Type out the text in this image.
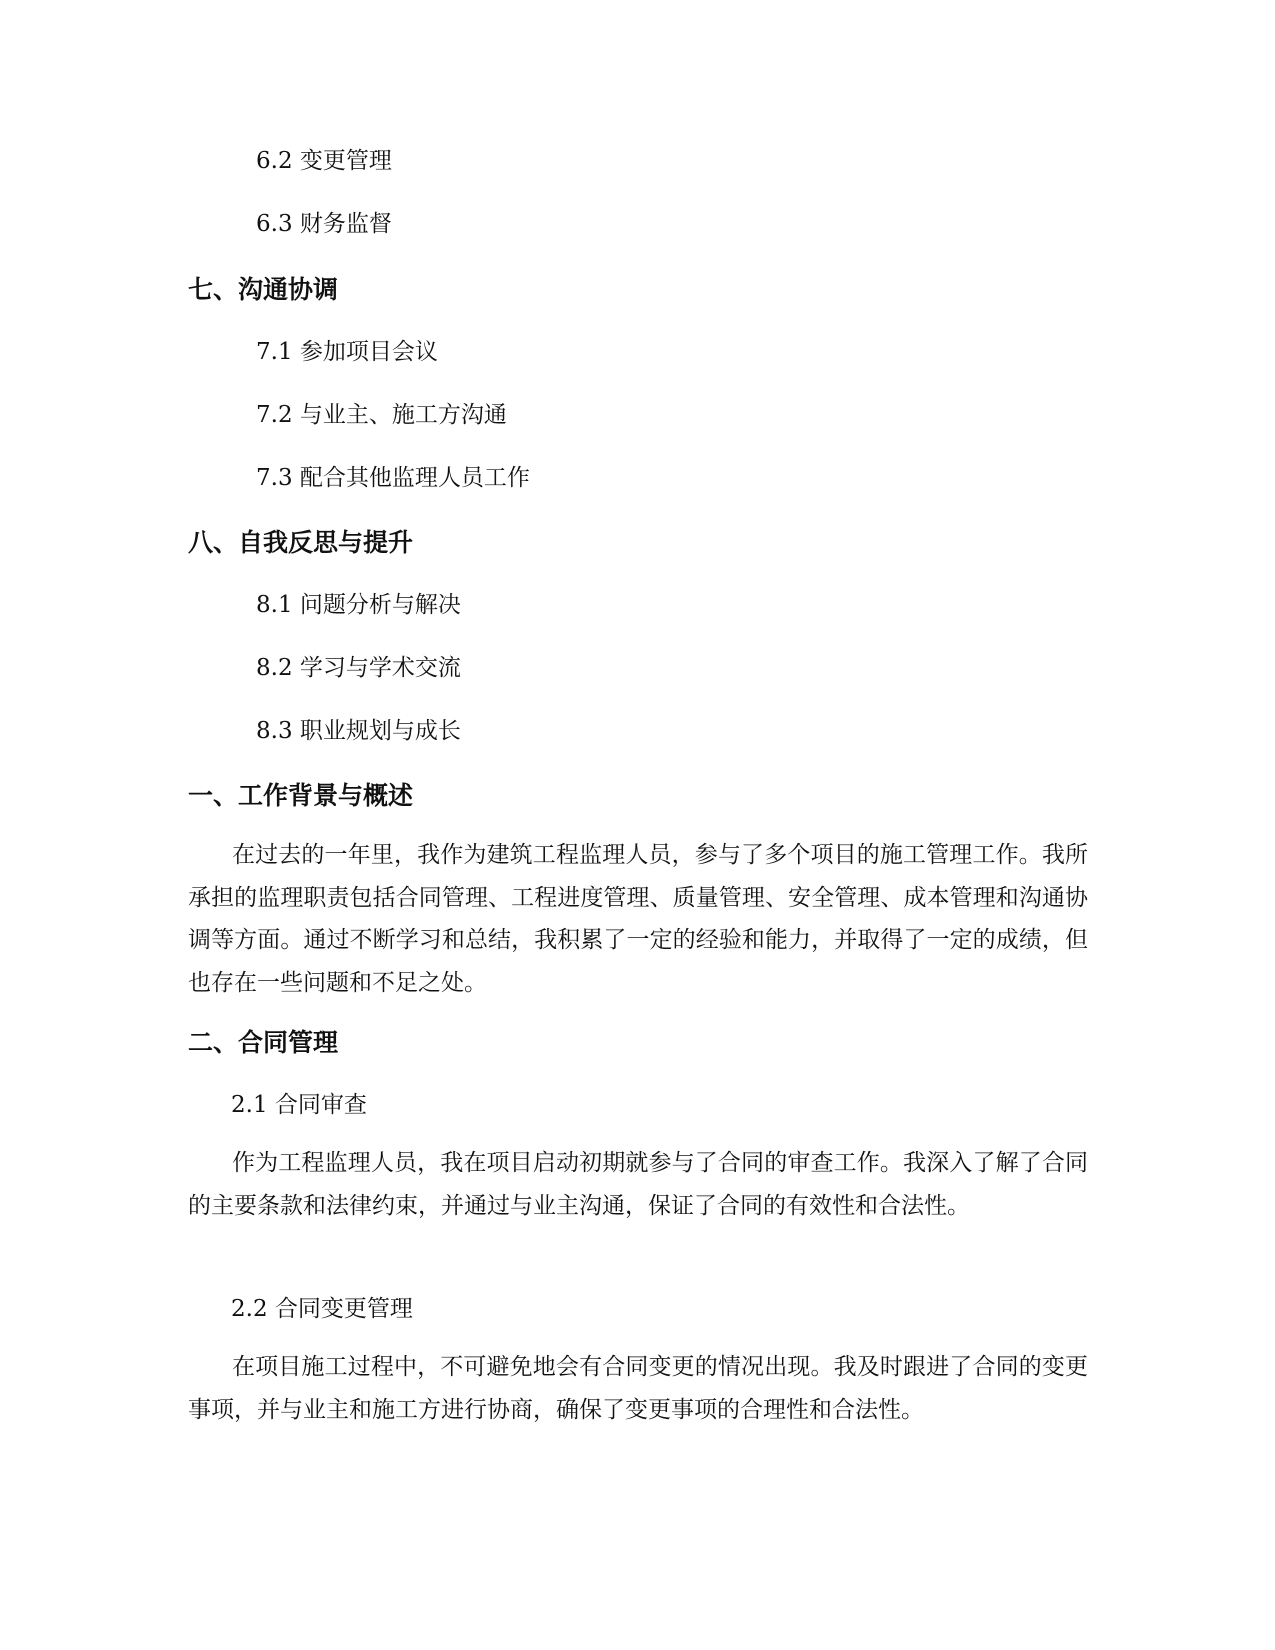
6.2 变更管理
6.3 财务监督
七、沟通协调
7.1 参加项目会议
7.2 与业主、施工方沟通
7.3 配合其他监理人员工作
八、自我反思与提升
8.1 问题分析与解决
8.2 学习与学术交流
8.3 职业规划与成长
一、工作背景与概述

在过去的一年里，我作为建筑工程监理人员，参与了多个项目的施工管理工作。我所承担的监理职责包括合同管理、工程进度管理、质量管理、安全管理、成本管理和沟通协调等方面。通过不断学习和总结，我积累了一定的经验和能力，并取得了一定的成绩，但也存在一些问题和不足之处。

二、合同管理
2.1 合同审查

作为工程监理人员，我在项目启动初期就参与了合同的审查工作。我深入了解了合同的主要条款和法律约束，并通过与业主沟通，保证了合同的有效性和合法性。

2.2 合同变更管理

在项目施工过程中，不可避免地会有合同变更的情况出现。我及时跟进了合同的变更事项，并与业主和施工方进行协商，确保了变更事项的合理性和合法性。
